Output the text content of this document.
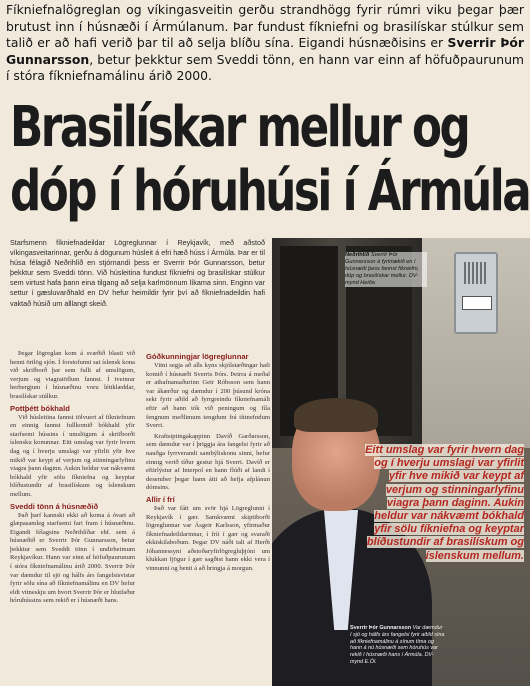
Fíkniefnalögreglan og víkingasveitin gerðu strandhögg fyrir rúmri viku þegar þær brutust inn í húsnæði í Ármúlanum. Þar fundust fíkniefni og brasilískar stúlkur sem talið er að hafi verið þar til að selja blíðu sína. Eigandi húsnæðisins er Sverrir Þór Gunnarsson, betur þekktur sem Sveddi tönn, en hann var einn af höfuðpaurunum í stóra fíkniefnamálinu árið 2000.
Brasilískar mellur og
dóp í hóruhúsi í Ármúla
Starfsmenn fíkniefnadeildar Lögreglunnar í Reykjavík, með aðstoð víkingasveitarinnar, gerðu á dögunum húsleit á efri hæð húss í Ármúla. Þar er til húsa félagið Neðrihlíð en stjórnandi þess er Sverrir Þór Gunnarsson, betur þekktur sem Sveddi tönn. Við húsleitina fundust fíkniefni og brasilískar stúlkur sem virtust hafa þann eina tilgang að selja karlmönnum líkama sinn. Enginn var settur í gæsluvarðhald en DV hefur heimildir fyrir því að fíkniefnadeildin hafi vaktað húsið um alllangt skeið.

Þegar lögreglan kom á svæðið blasti við henni örtlög sjón. Í forstofunni sat íslensk kona við skrifborð þar sem fullt af umslögum, verjum og viagratöflum fannst. Í tveimur herbergjum í húsnæðinu voru léttklæddar, brasilískar stúlkur.

Pottþétt bókhald

Við húsleitina fannst tölvuert af fíkniefnum en einnig fannst fullkomið bókhald yfir starfsemi hússins í umslögum á skrifborði íslensku konunnar. Eitt umslag var fyrir hvern dag og í hverju umslagi var yfirlit yfir hve mikið var keypt af verjum og stinningarlyfinu viagra þann daginn. Aukin heldur var nákvæmt bókhald yfir sölu fíkniefna og keyptar blíðustundir af brasilískum og íslenskum mellum.

Sveddi tönn á húsnæðið

Það þarf kannski ekki að koma á óvart að glæpasamleg starfsemi fari fram í húsnæðinu. Eigandi félagsins Neðrihlíðar ehf. sem á húsnæðið er Sverrir Þór Gunnarsson, betur þekktur sem Sveddi tönn í undirheimum Reykjavíkur. Hann var einn af höfuðpaurunum í stóra fíkniefnamálinu árið 2000. Sverrir Þór var dæmdur til sjö og hálfs árs fangelsisvistar fyrir sölu sína að fíkniefnamálinu en DV hefur eldi vitneskju um hvort Sverrir Þór er hlutfaður hóruhússins sem rekið er í húsnæði hans.

Góðkunningjar lögreglunnar

Vitni segja að alls kyns skjólstæðingar hafi komið í húsnæði Sverris Þórs. Þeirra á meðal er athafnamaðurinn Geir Róbsson sem hann var ákærður og dæmdur í 200 þúsund króna sekt fyrir aðild að fyrrgreindu fíkniefnamáli eftir að hann tók við peningum og fíla fengnum meðlimum tengdum frá títtnefndum Sverri.

Kraftsiptingakappinn Davíð Garðarsson, sem dæmdur var í þriggja ára fangelsi fyrir að nauðga fyrrverandi sambýliskonu sinni, hefur einnig verið tíður gestur hjá Sverri. Davíð er eftirlýstur af Interpol en hann flúði af landi í desember þegar hann átti að hefja afplánun dómsins.

Allir í frí

Það var fátt um svör hjá Lögreglunni í Reykjavík í gær. Samkvæmt skiptiborði lögreglunnar var Ásgeir Karlsson, yfirmaður fíkniefnadeildarinnar, í fríi í gær og svaraði ekkiskilaboðum. Þegar DV náði tali af Herði Jóhannessyni aðstoðaryfirlögregluþjóni um klukkan fjögur í gær sagðist hann ekki vera í vinnunni og benti á að hringja á morgun.

Neðrihlíð Sverrir Þór Gunnarsson á fyrirtækið en í húsnæði þess fannst fíkniefni, dóp og brasilískar mellur. DV-mynd Heiða
Eitt umslag var fyrir hvern dag og í hverju umslagi var yfirlit yfir hve mikið var keypt af verjum og stinningarlyfinu viagra þann daginn. Aukin heldur var nákvæmt bókhald yfir sölu fíkniefna og keyptar blíðustundir af brasilískum og íslenskum mellum.
Sverrir Þór Gunnarsson Var dæmdur í sjö og hálfs árs fangelsi fyrir aðild sína að fíkniefnamálinu á sínum tíma og hann á nú húsnæði sem hóruhús var rekið í húsnæði hans í Ármúla. DV-mynd E.Ól.
